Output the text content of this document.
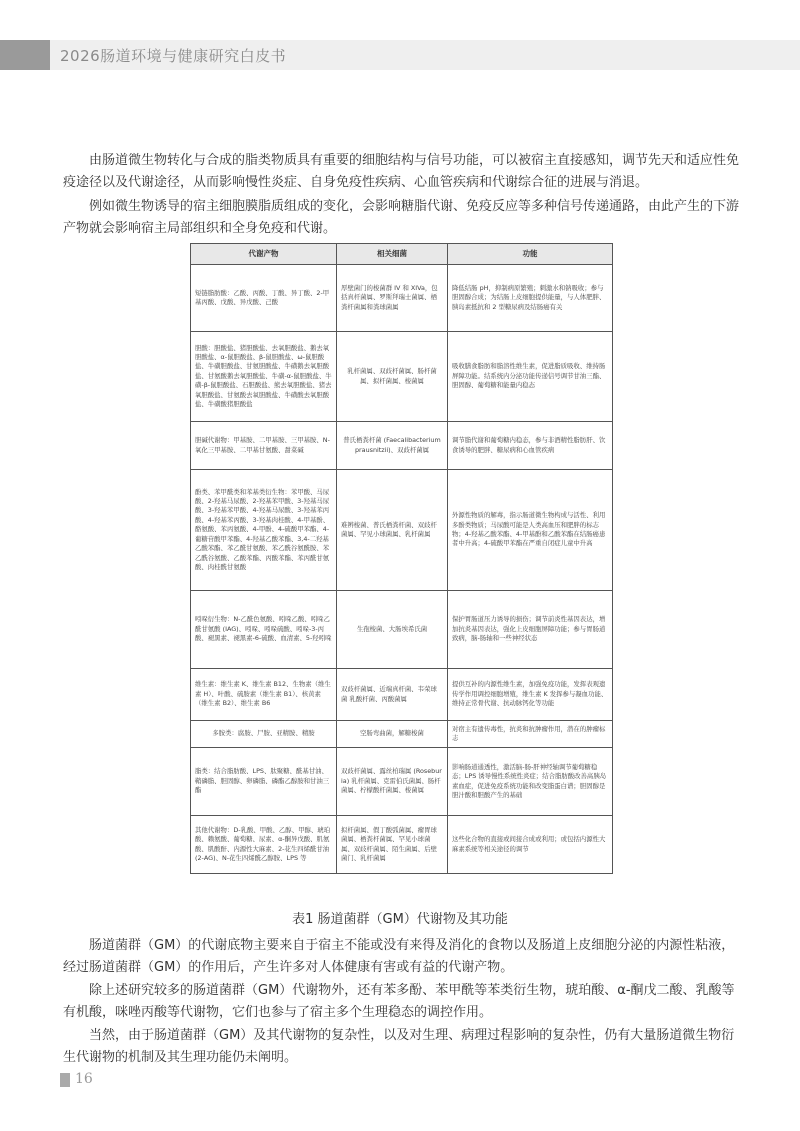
2026肠道环境与健康研究白皮书

由肠道微生物转化与合成的脂类物质具有重要的细胞结构与信号功能，可以被宿主直接感知，调节先天和适应性免疫途径以及代谢途径，从而影响慢性炎症、自身免疫性疾病、心血管疾病和代谢综合征的进展与消退。

例如微生物诱导的宿主细胞膜脂质组成的变化，会影响糖脂代谢、免疫反应等多种信号传递通路，由此产生的下游产物就会影响宿主局部组织和全身免疫和代谢。

代谢产物	相关细菌	功能
短链脂肪酸：乙酸、丙酸、丁酸、异丁酸、2-甲基丙酸、戊酸、异戊酸、己酸	厚壁菌门的梭菌群 IV 和 XIVa，包括真杆菌属、罗斯拜瑞士菌属、栖粪杆菌属和粪球菌属	降低结肠 pH，抑制病原繁殖；刺激水和钠吸收；参与胆固醇合成；为结肠上皮细胞提供能量，与人体肥胖、胰岛素抵抗和 2 型糖尿病及结肠癌有关
胆酸：胆酸盐、猪胆酸盐、去氧胆酸盐、鹅去氧胆酸盐、α-鼠胆酸盐、β-鼠胆酸盐、ω-鼠胆酸盐、牛磺胆酸盐、甘氨胆酸盐、牛磺鹅去氧胆酸盐、甘氨酸鹅去氧胆酸盐、牛磺-α-鼠胆酸盐、牛磺-β-鼠胆酸盐、石胆酸盐、熊去氧胆酸盐、猪去氧胆酸盐、甘氨酸去氧胆酸盐、牛磺酸去氧胆酸盐、牛磺酸猪胆酸盐	乳杆菌属、双歧杆菌属、肠杆菌属、拟杆菌属、梭菌属	吸收膳食脂肪和脂溶性维生素，促进脂质吸收、维持肠屏障功能。结系统内分泌功能传递信号调节甘油三酯、胆固醇、葡萄糖和能量内稳态
胆碱代谢物：甲基胺、二甲基胺、三甲基胺、N-氧化三甲基胺、二甲基甘氨酸、甜菜碱	普氏栖粪杆菌 (Faecalibacterium prausnitzii)、双歧杆菌属	调节脂代谢和葡萄糖内稳态，参与非酒精性脂肪肝、饮食诱导的肥胖、糖尿病和心血管疾病
酚类、苯甲酰类和苯基类衍生物：苯甲酸、马尿酸、2-羟基马尿酸、2-羟基苯甲酸、3-羟基马尿酸、3-羟基苯甲酸、4-羟基马尿酸、3-羟基苯丙酸、4-羟基苯丙酸、3-羟基肉桂酸、4-甲基酚、酪氨酸、苯丙氨酸、4-甲酚、4-硫酸甲苯酯、4-葡糖苷酸甲苯酯、4-羟基乙酸苯酯、3,4-二羟基乙酸苯酯、苯乙酰甘氨酸、苯乙酰谷氨酰胺、苯乙酰谷氨酸、乙酸苯酯、丙酸苯酯、苯丙酰甘氨酸、肉桂酰甘氨酸	难辨梭菌、普氏栖粪杆菌、双歧杆菌属、罕见小球菌属、乳杆菌属	外源性物质的解毒，指示肠道微生物构成与活性、利用多酚类物质；马尿酸可能是人类高血压和肥胖的标志物；4-羟基乙酸苯酯、4-甲基酚和乙酸苯酯在结肠癌患者中升高；4-硫酸甲苯酯在严重自闭症儿童中升高
吲哚衍生物：N-乙酰色氨酸、吲哚乙酸、吲哚乙酰甘氨酸 (IAG)、吲哚、吲哚硫酸、吲哚-3-丙酸、褪黑素、褪黑素-6-硫酸、血清素、5-羟吲哚	生孢梭菌、大肠埃希氏菌	保护胃肠道压力诱导的损伤；调节前炎性基因表达，增加抗炎基因表达，强化上皮细胞屏障功能；参与胃肠道致病，脑-肠轴和一些神经状态
维生素：维生素 K、维生素 B12、生物素（维生素 H）、叶酸、硫胺素（维生素 B1）、核黄素（维生素 B2）、维生素 B6	双歧杆菌属、近端真杆菌、韦荣球菌 乳酸杆菌、丙酸菌属	提供互补的内源性维生素，加强免疫功能，发挥表观遗传学作用调控细胞增殖，维生素 K 发挥参与凝血功能、维持正常骨代谢、抗动脉钙化等功能
多胺类：腐胺、尸胺、亚精胺、精胺	空肠弯曲菌，解糖梭菌	对宿主有遗传毒性，抗炎和抗肿瘤作用，潜在的肿瘤标志
脂类：结合脂肪酸、LPS、肽聚糖、酰基甘油、鞘磷脂、胆固醇、卵磷脂、磷酯乙醇胺和甘油三酯	双歧杆菌属、露丝柏瑞属 (Roseburia) 乳杆菌属、克雷伯氏菌属、肠杆菌属、柠檬酸杆菌属、梭菌属	影响肠道通透性，激活脑-肠-肝神经轴调节葡萄糖稳态；LPS 诱导慢性系统性炎症；结合脂肪酸改善高胰岛素血症，促进免疫系统功能和改变脂蛋白谱；胆固醇是胆汁酸和胆酸产生的基础
其他代谢物：D-乳酸、甲酸、乙醇、甲醇、琥珀酸、赖氨酸、葡萄糖、尿素、α-酮异戊酸、肌氨酸、肌酸酐、内源性大麻素、2-花生四烯酰甘油 (2-AG)、N-花生四烯酰乙醇胺、LPS 等	拟杆菌属、假丁酸弧菌属、瘤胃球菌属、栖粪杆菌属、罕见小球菌属、双歧杆菌属、陌生菌属、后壁菌门、乳杆菌属	这些化合物的直接或间接合成或利用；或包括内源性大麻素系统等相关途径的调节
表1 肠道菌群（GM）代谢物及其功能

肠道菌群（GM）的代谢底物主要来自于宿主不能或没有来得及消化的食物以及肠道上皮细胞分泌的内源性粘液，经过肠道菌群（GM）的作用后，产生许多对人体健康有害或有益的代谢产物。

除上述研究较多的肠道菌群（GM）代谢物外，还有苯多酚、苯甲酰等苯类衍生物，琥珀酸、α-酮戊二酸、乳酸等有机酸，咪唑丙酸等代谢物，它们也参与了宿主多个生理稳态的调控作用。

当然，由于肠道菌群（GM）及其代谢物的复杂性，以及对生理、病理过程影响的复杂性，仍有大量肠道微生物衍生代谢物的机制及其生理功能仍未阐明。

16
